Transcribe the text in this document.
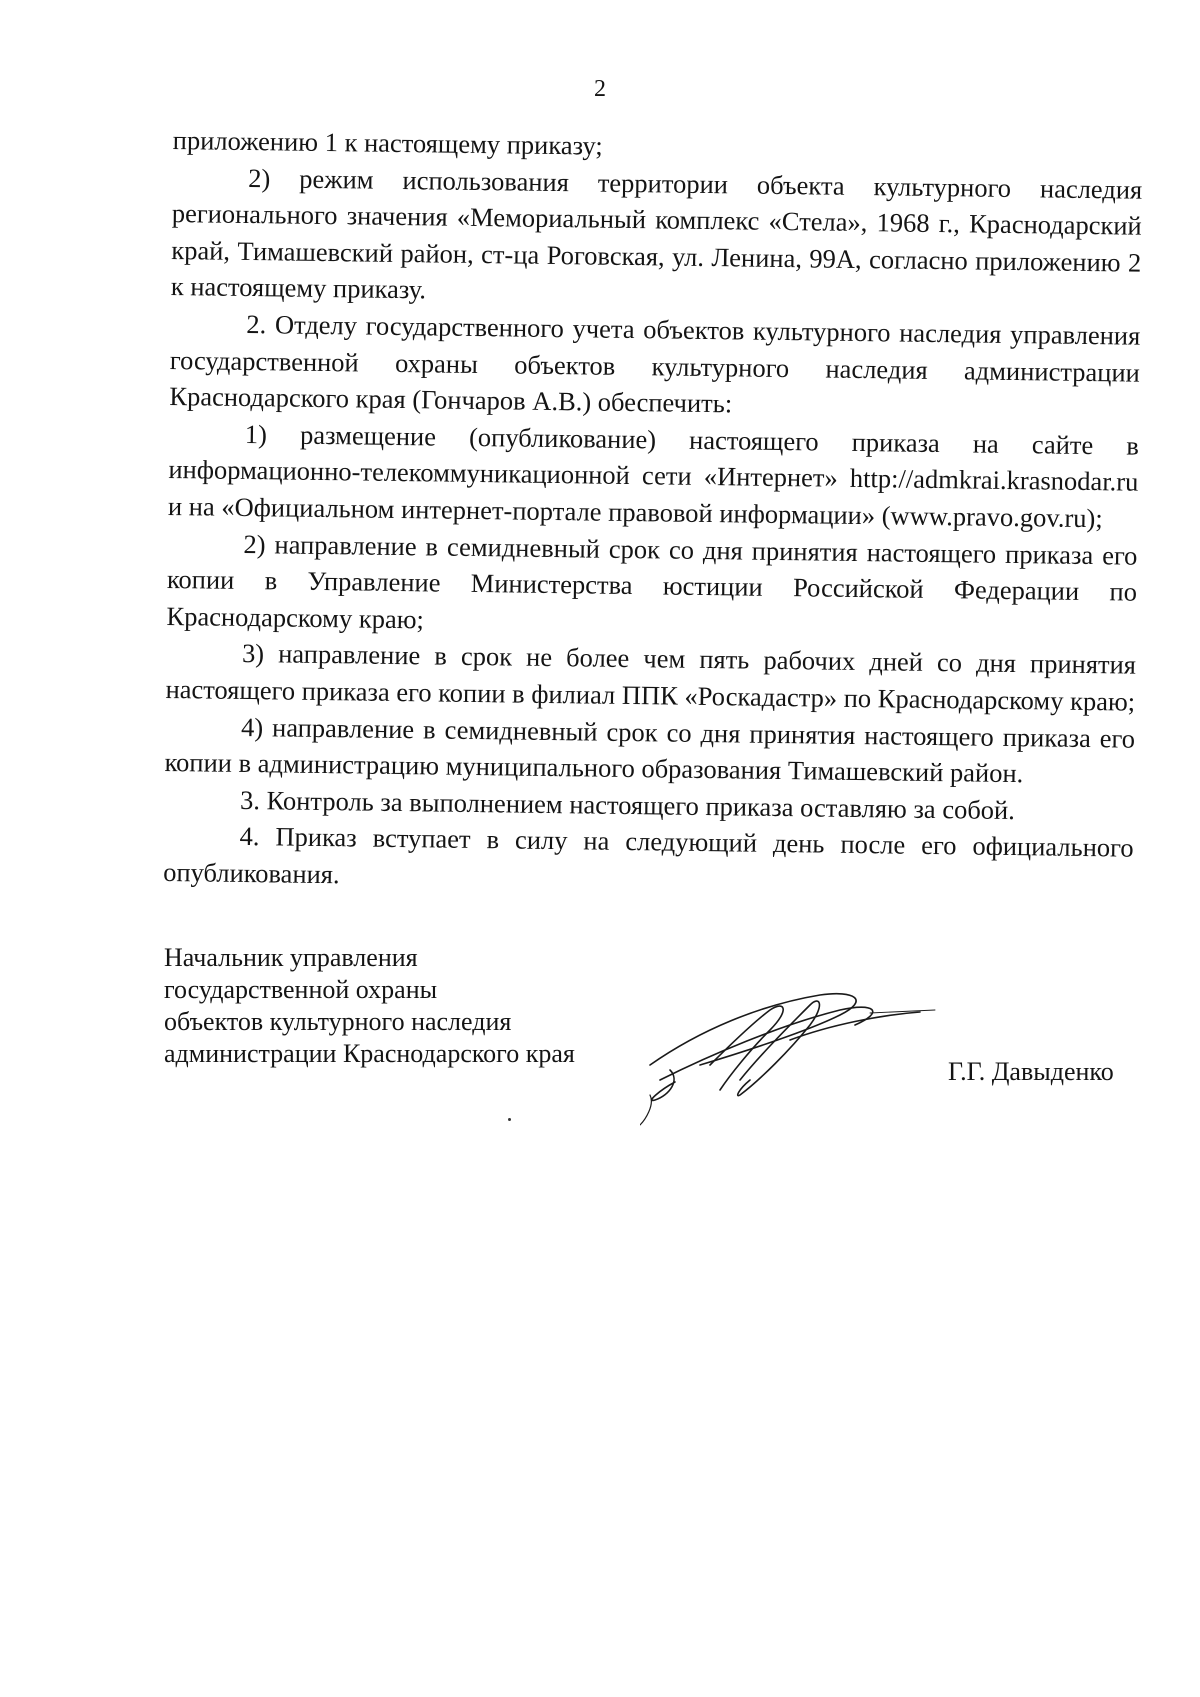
2

приложению 1 к настоящему приказу;

2) режим использования территории объекта культурного наследия регионального значения «Мемориальный комплекс «Стела», 1968 г., Краснодарский край, Тимашевский район, ст-ца Роговская, ул. Ленина, 99А, согласно приложению 2 к настоящему приказу.

2. Отделу государственного учета объектов культурного наследия управления государственной охраны объектов культурного наследия администрации Краснодарского края (Гончаров А.В.) обеспечить:

1) размещение (опубликование) настоящего приказа на сайте в информационно-телекоммуникационной сети «Интернет» http://admkrai.krasnodar.ru и на «Официальном интернет-портале правовой информации» (www.pravo.gov.ru);

2) направление в семидневный срок со дня принятия настоящего приказа его копии в Управление Министерства юстиции Российской Федерации по Краснодарскому краю;

3) направление в срок не более чем пять рабочих дней со дня принятия настоящего приказа его копии в филиал ППК «Роскадастр» по Краснодарскому краю;

4) направление в семидневный срок со дня принятия настоящего приказа его копии в администрацию муниципального образования Тимашевский район.

3. Контроль за выполнением настоящего приказа оставляю за собой.

4. Приказ вступает в силу на следующий день после его официального опубликования.

Начальник управления
государственной охраны
объектов культурного наследия
администрации Краснодарского края
Г.Г. Давыденко
